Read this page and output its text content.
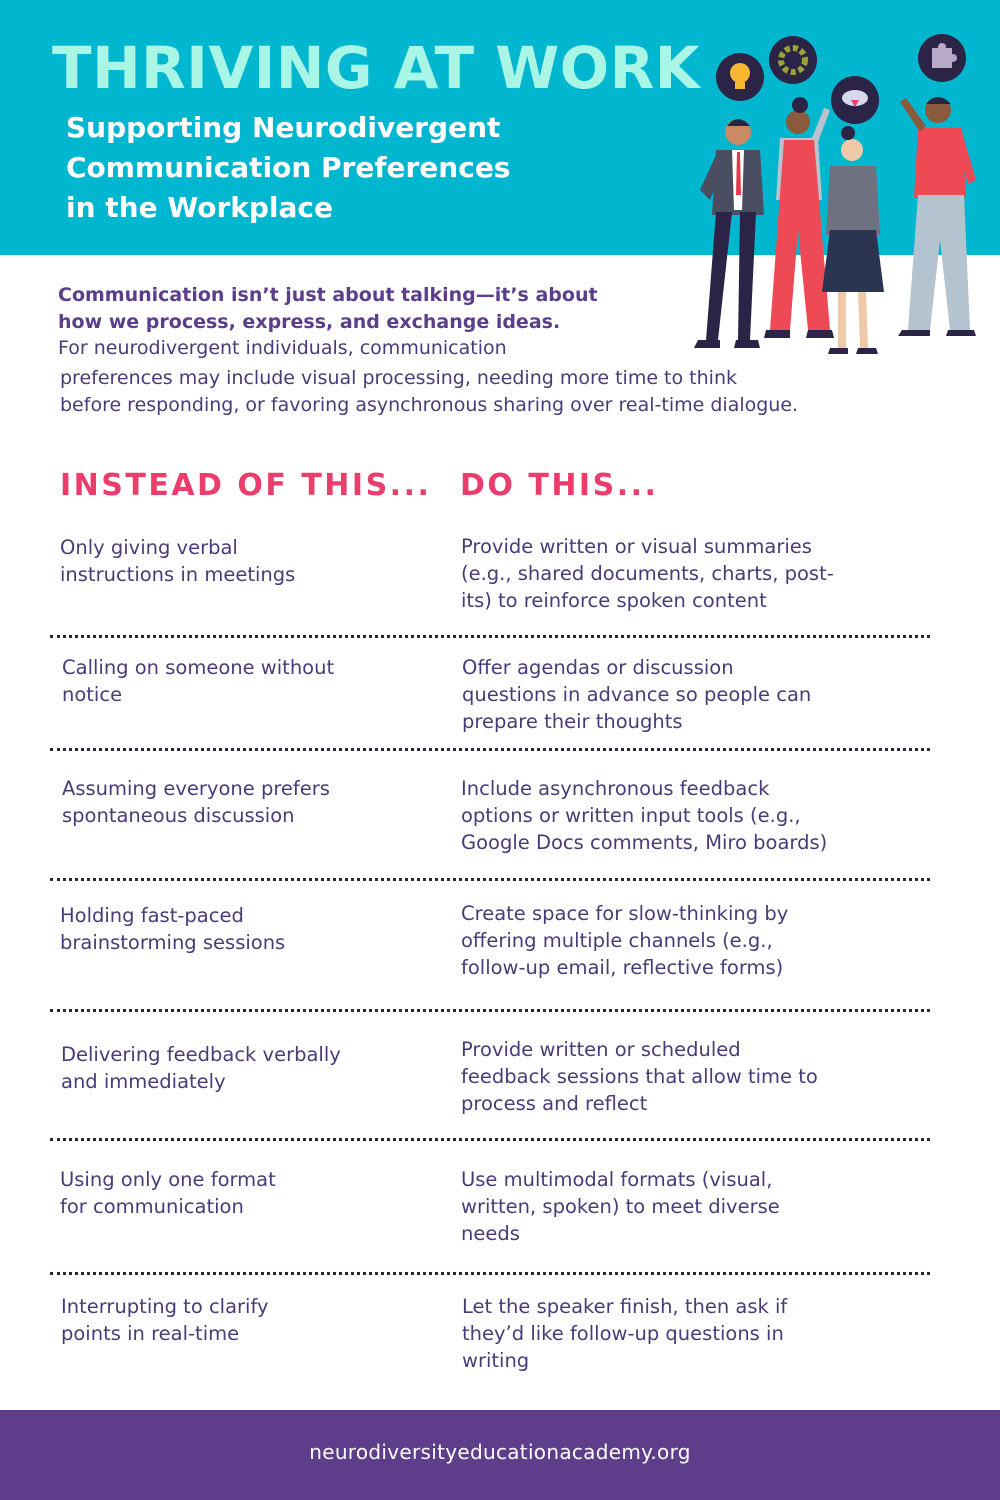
THRIVING AT WORK
Supporting Neurodivergent
Communication Preferences
in the Workplace
Communication isn’t just about talking—it’s about
how we process, express, and exchange ideas.
For neurodivergent individuals, communication
preferences may include visual processing, needing more time to think
before responding, or favoring asynchronous sharing over real-time dialogue.
INSTEAD OF THIS... DO THIS...
Only giving verbal
instructions in meetings
Provide written or visual summaries
(e.g., shared documents, charts, post-
its) to reinforce spoken content
Calling on someone without
notice
Offer agendas or discussion
questions in advance so people can
prepare their thoughts
Assuming everyone prefers
spontaneous discussion
Include asynchronous feedback
options or written input tools (e.g.,
Google Docs comments, Miro boards)
Holding fast-paced
brainstorming sessions
Create space for slow-thinking by
offering multiple channels (e.g.,
follow-up email, reflective forms)
Delivering feedback verbally
and immediately
Provide written or scheduled
feedback sessions that allow time to
process and reflect
Using only one format
for communication
Use multimodal formats (visual,
written, spoken) to meet diverse
needs
Interrupting to clarify
points in real-time
Let the speaker finish, then ask if
they’d like follow-up questions in
writing
neurodiversityeducationacademy.org
